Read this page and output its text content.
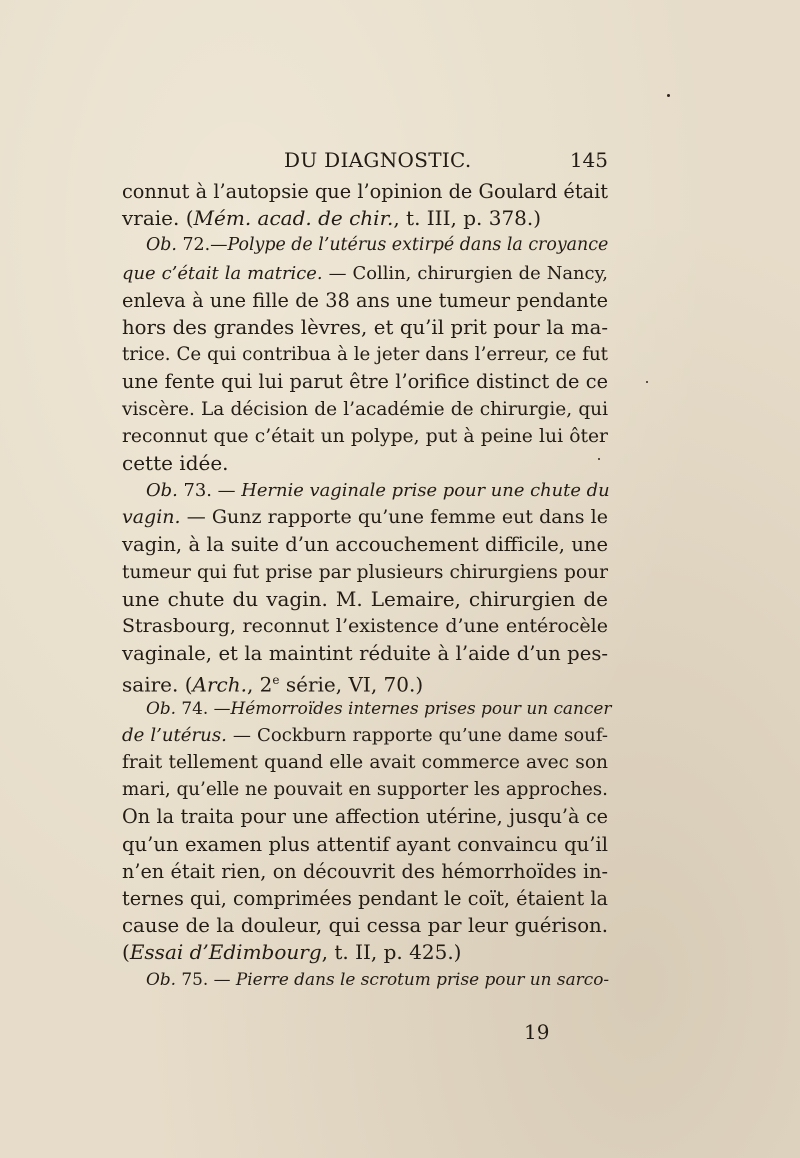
DU DIAGNOSTIC.	145
connut à l’autopsie que l’opinion de Goulard était
vraie. (Mém. acad. de chir., t. III, p. 378.)
Ob. 72.—Polype de l’utérus extirpé dans la croyance
que c’était la matrice. — Collin, chirurgien de Nancy,
enleva à une fille de 38 ans une tumeur pendante
hors des grandes lèvres, et qu’il prit pour la ma-
trice. Ce qui contribua à le jeter dans l’erreur, ce fut
une fente qui lui parut être l’orifice distinct de ce
viscère. La décision de l’académie de chirurgie, qui
reconnut que c’était un polype, put à peine lui ôter
cette idée.
Ob. 73. — Hernie vaginale prise pour une chute du
vagin. — Gunz rapporte qu’une femme eut dans le
vagin, à la suite d’un accouchement difficile, une
tumeur qui fut prise par plusieurs chirurgiens pour
une chute du vagin. M. Lemaire, chirurgien de
Strasbourg, reconnut l’existence d’une entérocèle
vaginale, et la maintint réduite à l’aide d’un pes-
saire. (Arch., 2e série, VI, 70.)
Ob. 74. —Hémorroïdes internes prises pour un cancer
de l’utérus. — Cockburn rapporte qu’une dame souf-
frait tellement quand elle avait commerce avec son
mari, qu’elle ne pouvait en supporter les approches.
On la traita pour une affection utérine, jusqu’à ce
qu’un examen plus attentif ayant convaincu qu’il
n’en était rien, on découvrit des hémorrhoïdes in-
ternes qui, comprimées pendant le coït, étaient la
cause de la douleur, qui cessa par leur guérison.
(Essai d’Edimbourg, t. II, p. 425.)
Ob. 75. — Pierre dans le scrotum prise pour un sarco-
19
